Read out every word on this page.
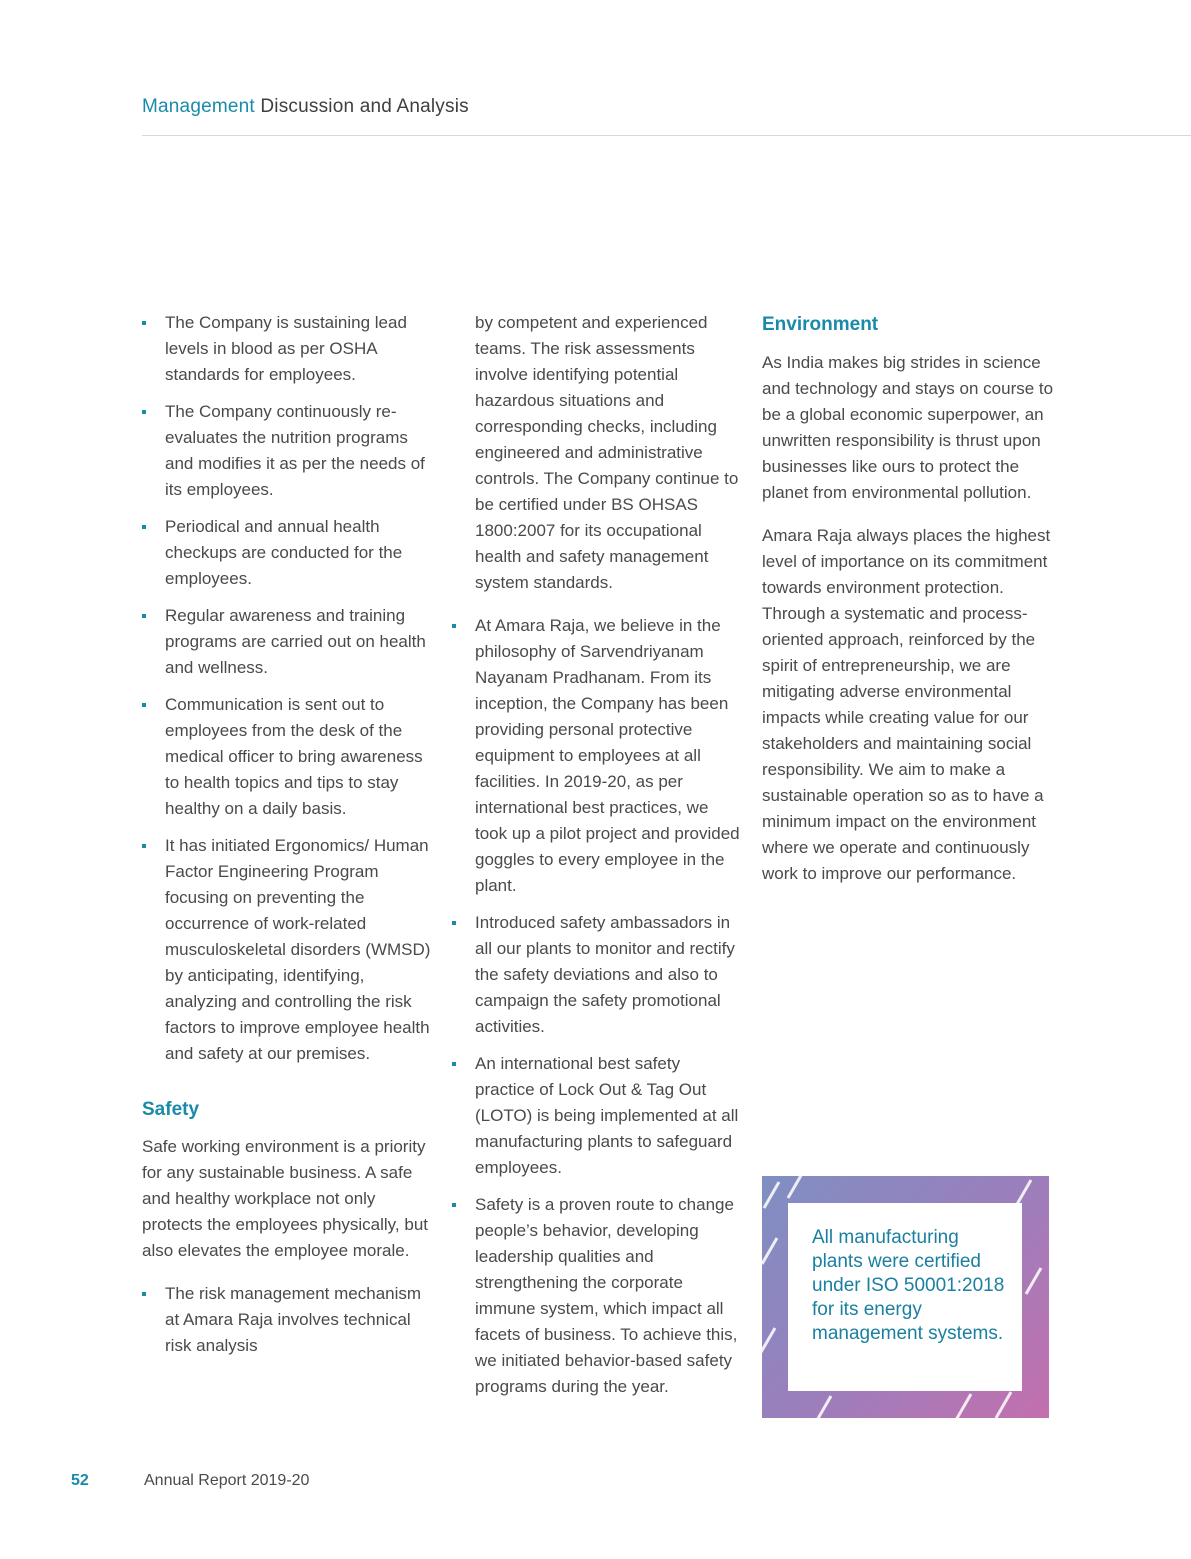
Management Discussion and Analysis
The Company is sustaining lead levels in blood as per OSHA standards for employees.
The Company continuously re-evaluates the nutrition programs and modifies it as per the needs of its employees.
Periodical and annual health checkups are conducted for the employees.
Regular awareness and training programs are carried out on health and wellness.
Communication is sent out to employees from the desk of the medical officer to bring awareness to health topics and tips to stay healthy on a daily basis.
It has initiated Ergonomics/ Human Factor Engineering Program focusing on preventing the occurrence of work-related musculoskeletal disorders (WMSD) by anticipating, identifying, analyzing and controlling the risk factors to improve employee health and safety at our premises.
Safety

Safe working environment is a priority for any sustainable business. A safe and healthy workplace not only protects the employees physically, but also elevates the employee morale.

The risk management mechanism at Amara Raja involves technical risk analysis
by competent and experienced teams. The risk assessments involve identifying potential hazardous situations and corresponding checks, including engineered and administrative controls. The Company continue to be certified under BS OHSAS 1800:2007 for its occupational health and safety management system standards.
At Amara Raja, we believe in the philosophy of Sarvendriyanam Nayanam Pradhanam. From its inception, the Company has been providing personal protective equipment to employees at all facilities. In 2019-20, as per international best practices, we took up a pilot project and provided goggles to every employee in the plant.
Introduced safety ambassadors in all our plants to monitor and rectify the safety deviations and also to campaign the safety promotional activities.
An international best safety practice of Lock Out & Tag Out (LOTO) is being implemented at all manufacturing plants to safeguard employees.
Safety is a proven route to change people’s behavior, developing leadership qualities and strengthening the corporate immune system, which impact all facets of business. To achieve this, we initiated behavior-based safety programs during the year.
Environment

As India makes big strides in science and technology and stays on course to be a global economic superpower, an unwritten responsibility is thrust upon businesses like ours to protect the planet from environmental pollution.

Amara Raja always places the highest level of importance on its commitment towards environment protection. Through a systematic and process-oriented approach, reinforced by the spirit of entrepreneurship, we are mitigating adverse environmental impacts while creating value for our stakeholders and maintaining social responsibility. We aim to make a sustainable operation so as to have a minimum impact on the environment where we operate and continuously work to improve our performance.

All manufacturing plants were certified under ISO 50001:2018 for its energy management systems.
52	Annual Report 2019-20
